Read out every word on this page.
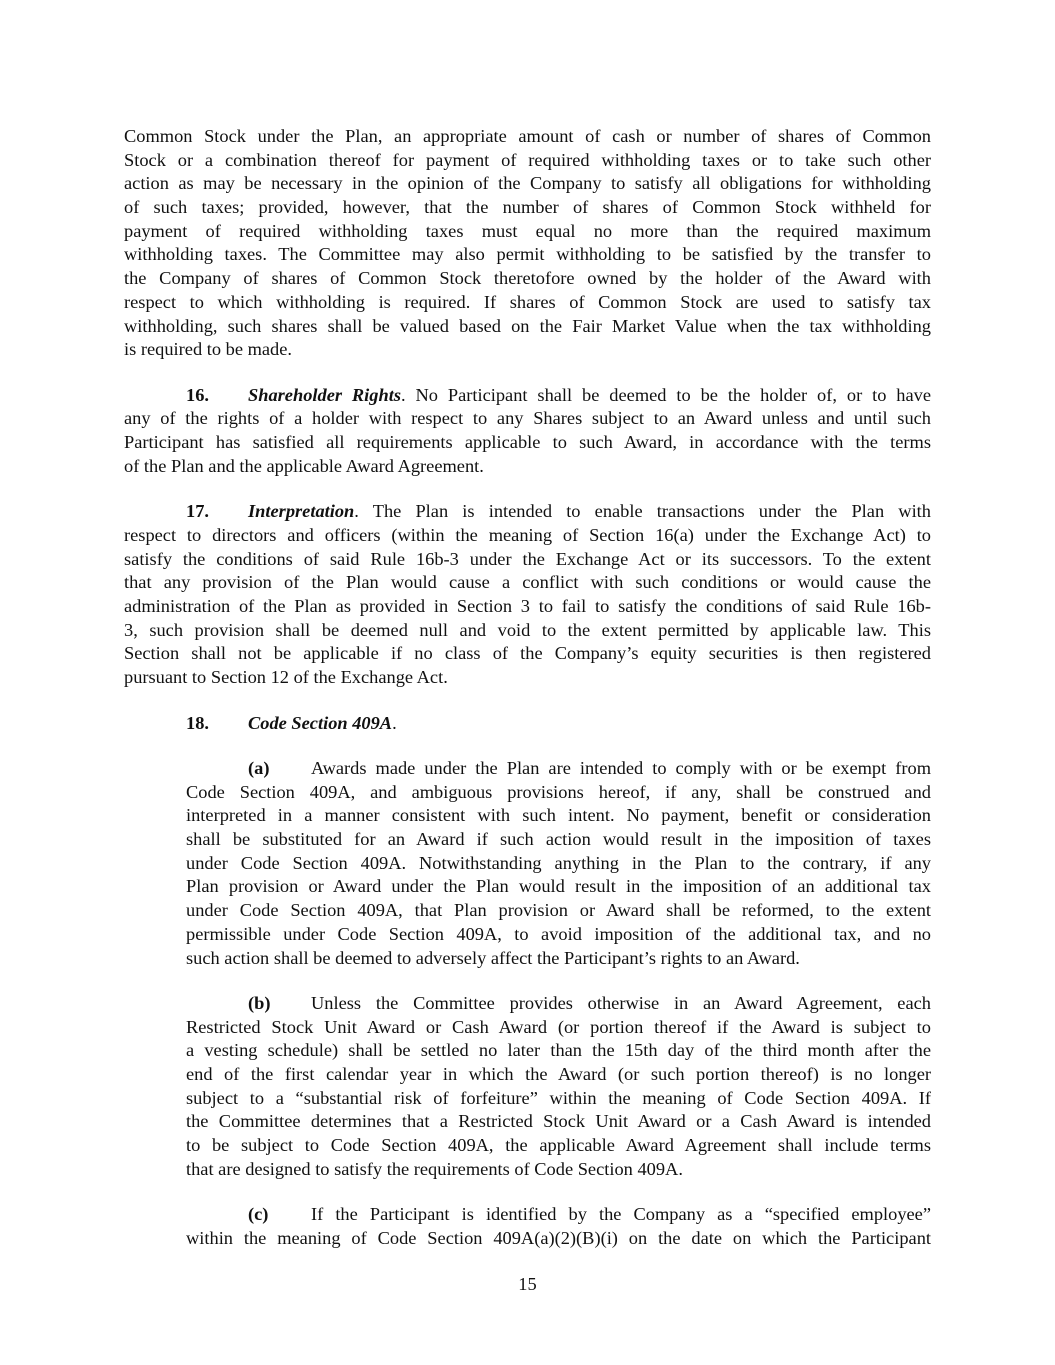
Common Stock under the Plan, an appropriate amount of cash or number of shares of Common
Stock or a combination thereof for payment of required withholding taxes or to take such other
action as may be necessary in the opinion of the Company to satisfy all obligations for withholding
of such taxes; provided, however, that the number of shares of Common Stock withheld for
payment of required withholding taxes must equal no more than the required maximum
withholding taxes. The Committee may also permit withholding to be satisfied by the transfer to
the Company of shares of Common Stock theretofore owned by the holder of the Award with
respect to which withholding is required. If shares of Common Stock are used to satisfy tax
withholding, such shares shall be valued based on the Fair Market Value when the tax withholding
is required to be made.
16. Shareholder Rights. No Participant shall be deemed to be the holder of, or to have
any of the rights of a holder with respect to any Shares subject to an Award unless and until such
Participant has satisfied all requirements applicable to such Award, in accordance with the terms
of the Plan and the applicable Award Agreement.
17. Interpretation. The Plan is intended to enable transactions under the Plan with
respect to directors and officers (within the meaning of Section 16(a) under the Exchange Act) to
satisfy the conditions of said Rule 16b-3 under the Exchange Act or its successors. To the extent
that any provision of the Plan would cause a conflict with such conditions or would cause the
administration of the Plan as provided in Section 3 to fail to satisfy the conditions of said Rule 16b-
3, such provision shall be deemed null and void to the extent permitted by applicable law. This
Section shall not be applicable if no class of the Company’s equity securities is then registered
pursuant to Section 12 of the Exchange Act.
18. Code Section 409A.
(a) Awards made under the Plan are intended to comply with or be exempt from
Code Section 409A, and ambiguous provisions hereof, if any, shall be construed and
interpreted in a manner consistent with such intent. No payment, benefit or consideration
shall be substituted for an Award if such action would result in the imposition of taxes
under Code Section 409A. Notwithstanding anything in the Plan to the contrary, if any
Plan provision or Award under the Plan would result in the imposition of an additional tax
under Code Section 409A, that Plan provision or Award shall be reformed, to the extent
permissible under Code Section 409A, to avoid imposition of the additional tax, and no
such action shall be deemed to adversely affect the Participant’s rights to an Award.
(b) Unless the Committee provides otherwise in an Award Agreement, each
Restricted Stock Unit Award or Cash Award (or portion thereof if the Award is subject to
a vesting schedule) shall be settled no later than the 15th day of the third month after the
end of the first calendar year in which the Award (or such portion thereof) is no longer
subject to a “substantial risk of forfeiture” within the meaning of Code Section 409A. If
the Committee determines that a Restricted Stock Unit Award or a Cash Award is intended
to be subject to Code Section 409A, the applicable Award Agreement shall include terms
that are designed to satisfy the requirements of Code Section 409A.
(c) If the Participant is identified by the Company as a “specified employee”
within the meaning of Code Section 409A(a)(2)(B)(i) on the date on which the Participant
15
